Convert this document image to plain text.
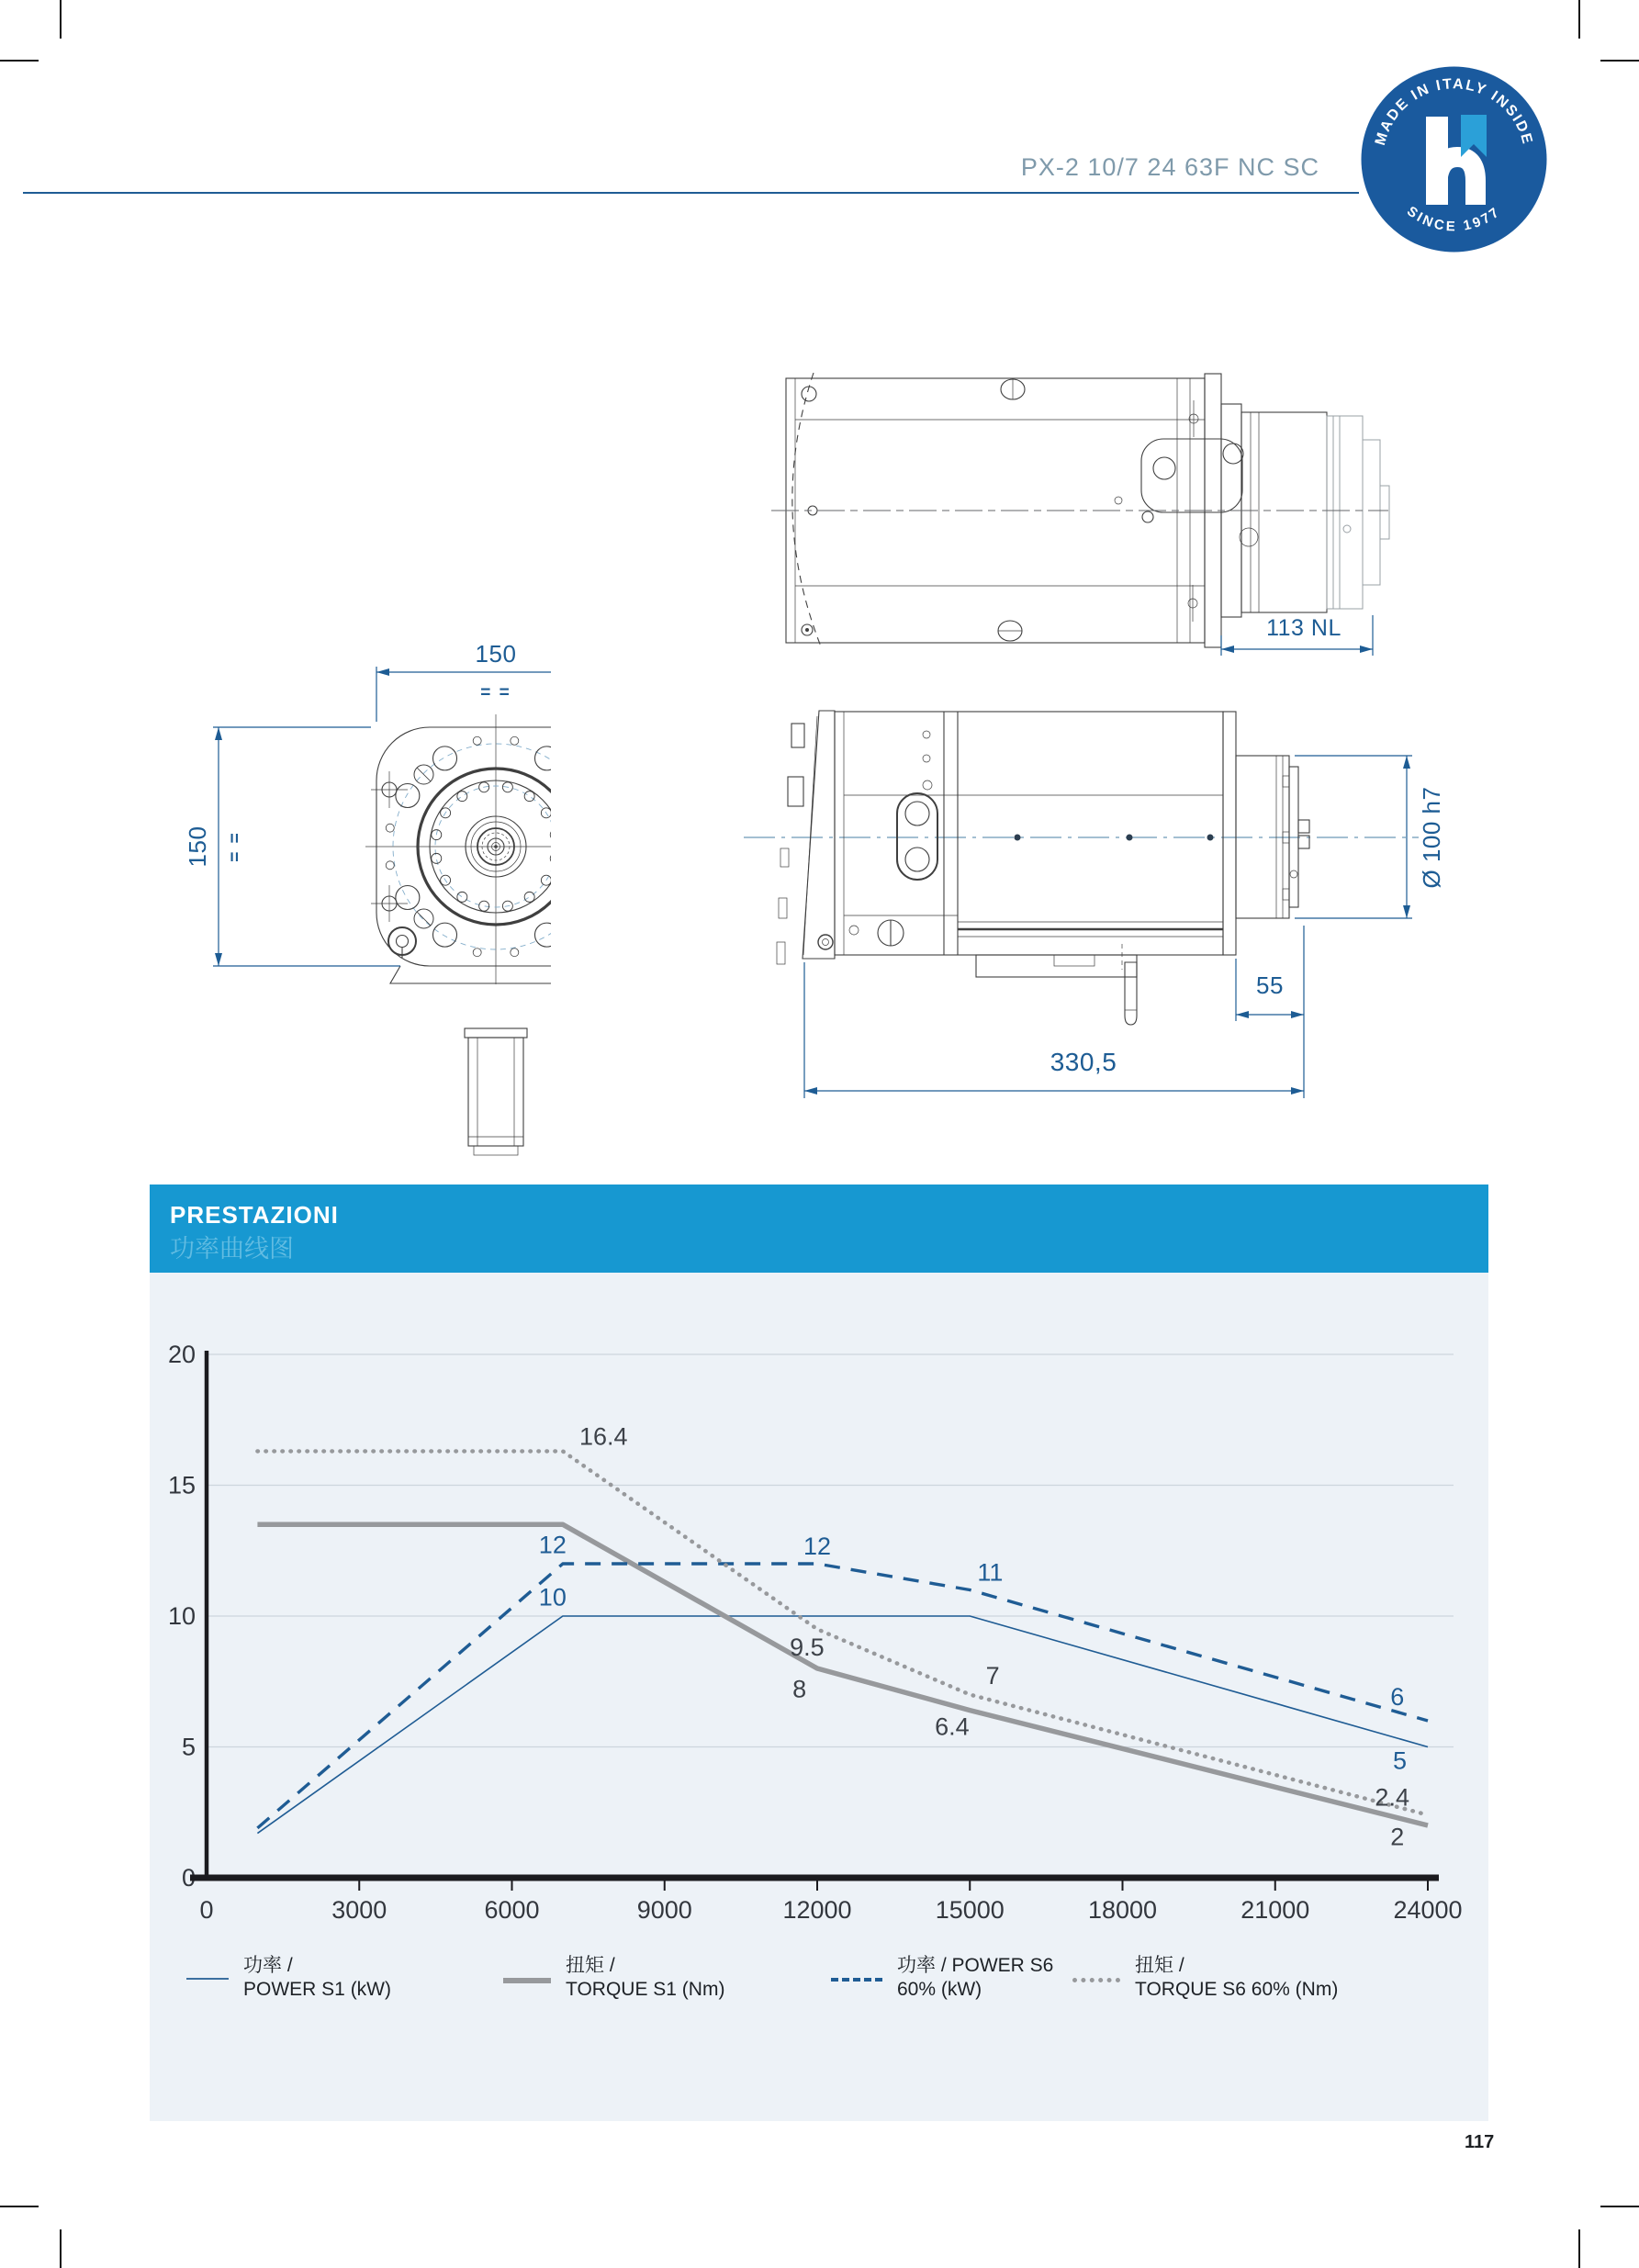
PX-2 10/7 24 63F NC SC
MADE IN ITALY INSIDE
SINCE 1977
113 NL
150
= =
150 = =	Ø 100 h7
55
330,5
PRESTAZIONI
功率曲线图
0
5
10
15
20
0	3000	6000	9000	12000	15000	18000	21000	24000
16.4
12
10
12
11
9.5
8	7
6.4
6
5
2.4
2
功率 /
POWER S1 (kW)
扭矩 /
TORQUE S1 (Nm)
功率 / POWER S6
60% (kW)
扭矩 /
TORQUE S6 60% (Nm)
117
